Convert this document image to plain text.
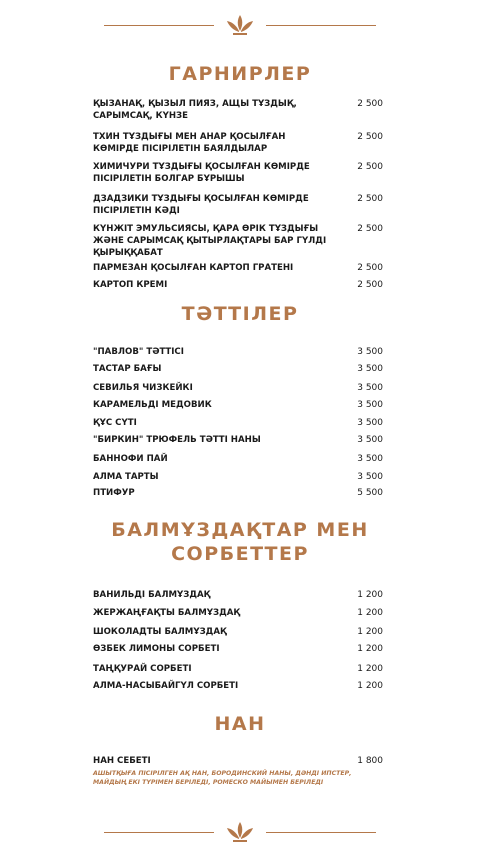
ГАРНИРЛЕР
ҚЫЗАНАҚ, ҚЫЗЫЛ ПИЯЗ, АЩЫ ТҰЗДЫҚ, САРЫМСАҚ, КҮНЗЕ
2 500
ТХИН ТҰЗДЫҒЫ МЕН АНАР ҚОСЫЛҒАН КӨМІРДЕ ПІСІРІЛЕТІН БАЯЛДЫЛАР
2 500
ХИМИЧУРИ ТҰЗДЫҒЫ ҚОСЫЛҒАН КӨМІРДЕ ПІСІРІЛЕТІН БОЛГАР БҰРЫШЫ
2 500
ДЗАДЗИКИ ТҰЗДЫҒЫ ҚОСЫЛҒАН КӨМІРДЕ ПІСІРІЛЕТІН КӘДІ
2 500
КҮНЖІТ ЭМУЛЬСИЯСЫ, ҚАРА ӨРІК ТҰЗДЫҒЫ ЖӘНЕ САРЫМСАҚ ҚЫТЫРЛАҚТАРЫ БАР ГҮЛДІ ҚЫРЫҚҚАБАТ
2 500
ПАРМЕЗАН ҚОСЫЛҒАН КАРТОП ГРАТЕНІ	2 500
КАРТОП КРЕМІ	2 500
ТӘТТІЛЕР
"ПАВЛОВ" ТӘТТІСІ	3 500
ТАСТАР БАҒЫ	3 500
СЕВИЛЬЯ ЧИЗКЕЙКІ	3 500
КАРАМЕЛЬДІ МЕДОВИК	3 500
ҚҰС СҮТІ	3 500
"БИРКИН" ТРЮФЕЛЬ ТӘТТІ НАНЫ	3 500
БАННОФИ ПАЙ	3 500
АЛМА ТАРТЫ	3 500
ПТИФУР	5 500
БАЛМҰЗДАҚТАР МЕН
СОРБЕТТЕР
ВАНИЛЬДІ БАЛМҰЗДАҚ	1 200
ЖЕРЖАҢҒАҚТЫ БАЛМҰЗДАҚ	1 200
ШОКОЛАДТЫ БАЛМҰЗДАҚ	1 200
ӨЗБЕК ЛИМОНЫ СОРБЕТІ	1 200
ТАҢҚУРАЙ СОРБЕТІ	1 200
АЛМА-НАСЫБАЙГҮЛ СОРБЕТІ	1 200
НАН
НАН СЕБЕТІ	1 800
АШЫТҚЫҒА ПІСІРІЛГЕН АҚ НАН, БОРОДИНСКИЙ НАНЫ, ДӘНДІ ИПСТЕР, МАЙДЫҢ ЕКІ ТҮРІМЕН БЕРІЛЕДІ, РОМЕСКО МАЙЫМЕН БЕРІЛЕДІ
